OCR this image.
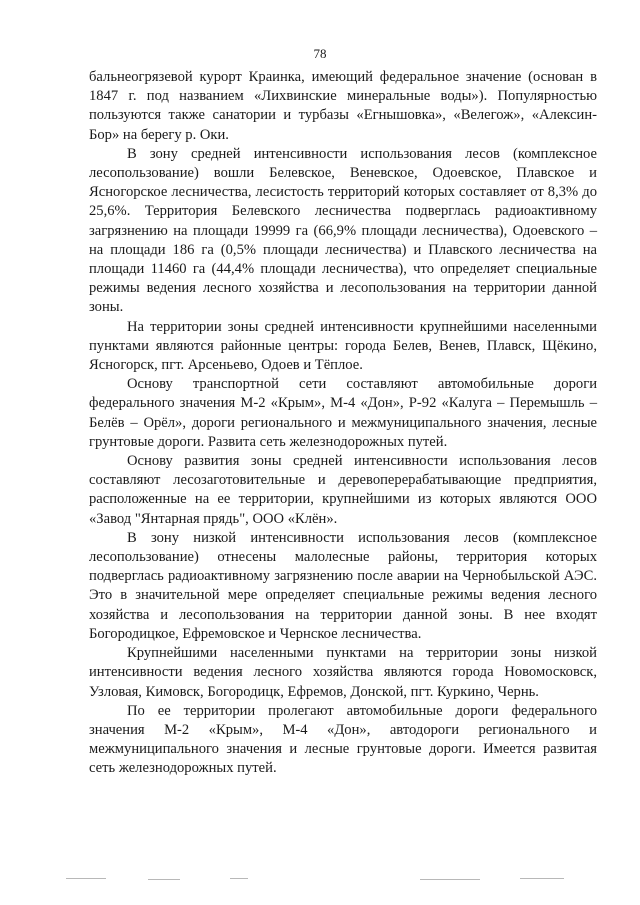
78

бальнеогрязевой курорт Краинка, имеющий федеральное значение (основан в 1847 г. под названием «Лихвинские минеральные воды»). Популярностью пользуются также санатории и турбазы «Егнышовка», «Велегож», «Алексин-Бор» на берегу р. Оки.

В зону средней интенсивности использования лесов (комплексное лесопользование) вошли Белевское, Веневское, Одоевское, Плавское и Ясногорское лесничества, лесистость территорий которых составляет от 8,3% до 25,6%. Территория Белевского лесничества подверглась радиоактивному загрязнению на площади 19999 га (66,9% площади лесничества), Одоевского – на площади 186 га (0,5% площади лесничества) и Плавского лесничества на площади 11460 га (44,4% площади лесничества), что определяет специальные режимы ведения лесного хозяйства и лесопользования на территории данной зоны.

На территории зоны средней интенсивности крупнейшими населенными пунктами являются районные центры: города Белев, Венев, Плавск, Щёкино, Ясногорск, пгт. Арсеньево, Одоев и Тёплое.

Основу транспортной сети составляют автомобильные дороги федерального значения М-2 «Крым», М-4 «Дон», Р-92 «Калуга – Перемышль – Белёв – Орёл», дороги регионального и межмуниципального значения, лесные грунтовые дороги. Развита сеть железнодорожных путей.

Основу развития зоны средней интенсивности использования лесов составляют лесозаготовительные и деревоперерабатывающие предприятия, расположенные на ее территории, крупнейшими из которых являются ООО «Завод "Янтарная прядь", ООО «Клён».

В зону низкой интенсивности использования лесов (комплексное лесопользование) отнесены малолесные районы, территория которых подверглась радиоактивному загрязнению после аварии на Чернобыльской АЭС. Это в значительной мере определяет специальные режимы ведения лесного хозяйства и лесопользования на территории данной зоны. В нее входят Богородицкое, Ефремовское и Чернское лесничества.

Крупнейшими населенными пунктами на территории зоны низкой интенсивности ведения лесного хозяйства являются города Новомосковск, Узловая, Кимовск, Богородицк, Ефремов, Донской, пгт. Куркино, Чернь.

По ее территории пролегают автомобильные дороги федерального значения М-2 «Крым», М-4 «Дон», автодороги регионального и межмуниципального значения и лесные грунтовые дороги. Имеется развитая сеть железнодорожных путей.
